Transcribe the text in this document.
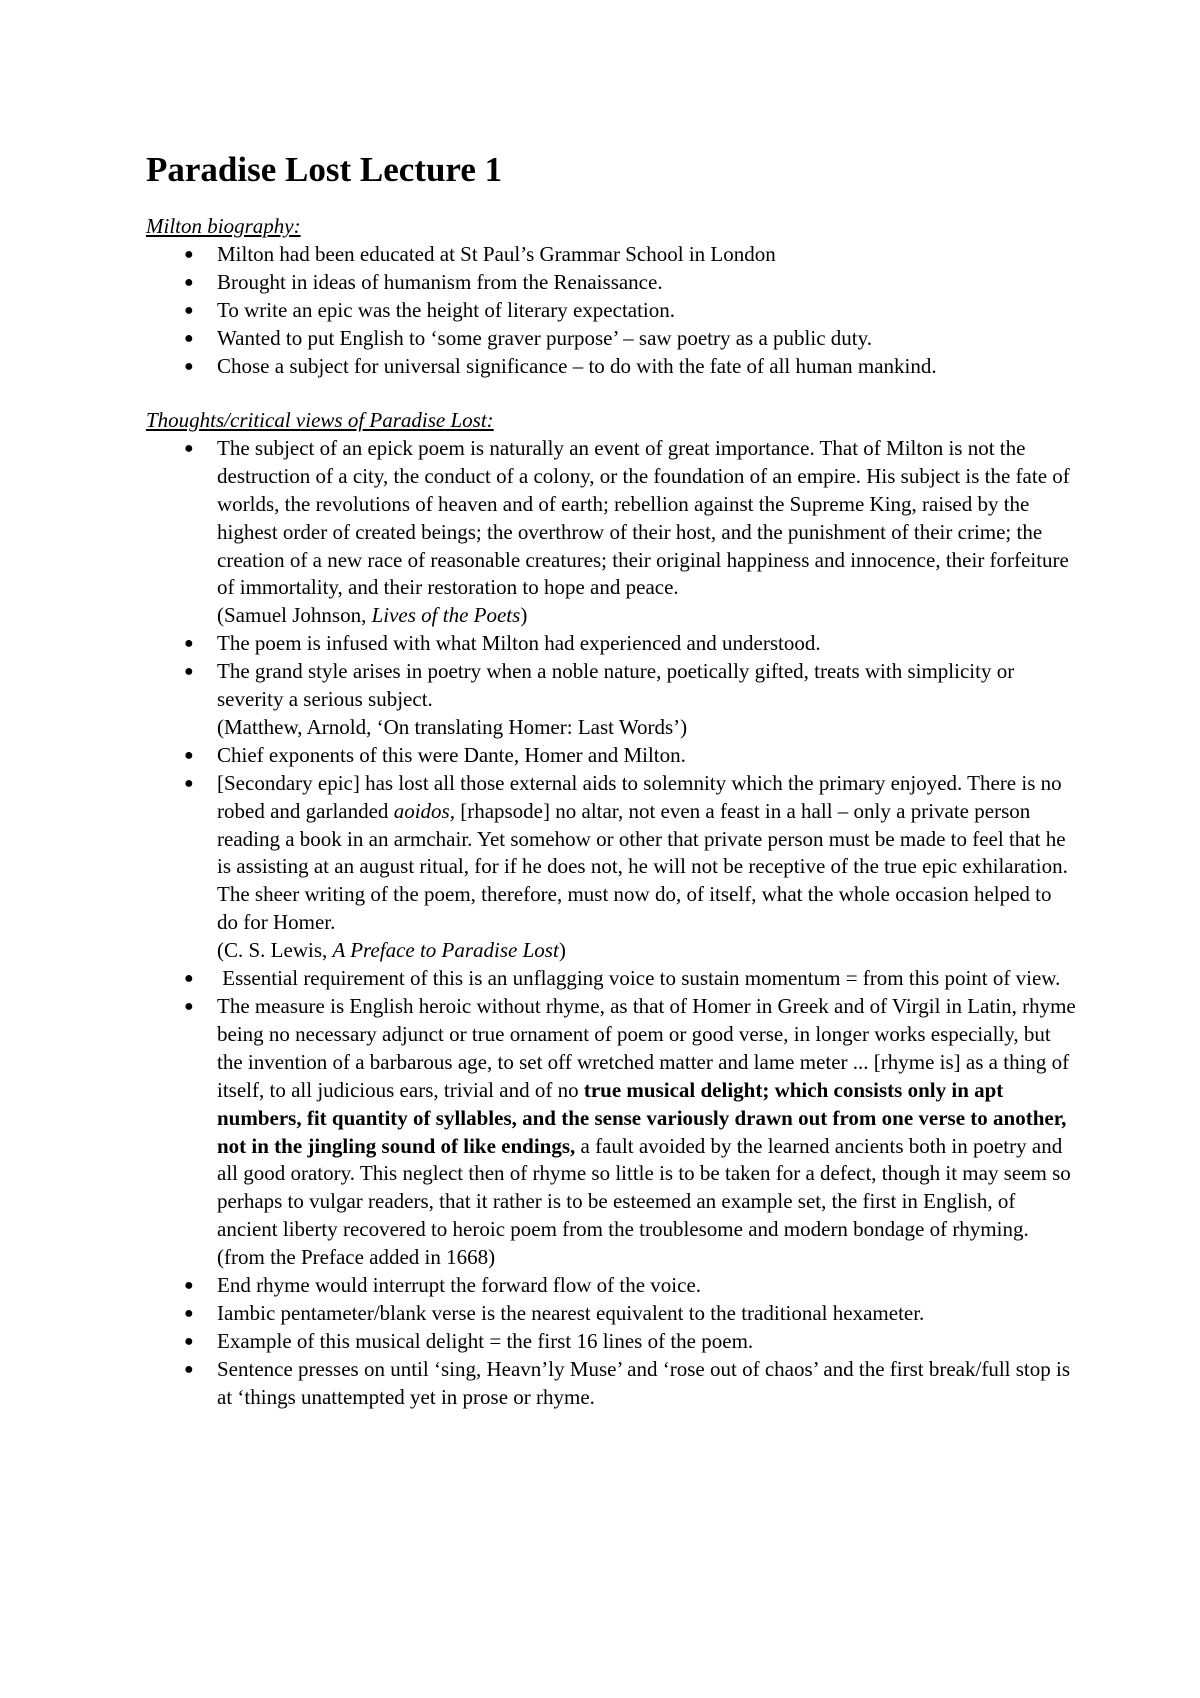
Paradise Lost Lecture 1
Milton biography:
● Milton had been educated at St Paul’s Grammar School in London
● Brought in ideas of humanism from the Renaissance.
● To write an epic was the height of literary expectation.
● Wanted to put English to ‘some graver purpose’ – saw poetry as a public duty.
● Chose a subject for universal significance – to do with the fate of all human mankind.
Thoughts/critical views of Paradise Lost:
● The subject of an epick poem is naturally an event of great importance. That of Milton is not the destruction of a city, the conduct of a colony, or the foundation of an empire. His subject is the fate of worlds, the revolutions of heaven and of earth; rebellion against the Supreme King, raised by the highest order of created beings; the overthrow of their host, and the punishment of their crime; the creation of a new race of reasonable creatures; their original happiness and innocence, their forfeiture of immortality, and their restoration to hope and peace.
(Samuel Johnson, Lives of the Poets)
● The poem is infused with what Milton had experienced and understood.
● The grand style arises in poetry when a noble nature, poetically gifted, treats with simplicity or severity a serious subject.
(Matthew, Arnold, ‘On translating Homer: Last Words’)
● Chief exponents of this were Dante, Homer and Milton.
● [Secondary epic] has lost all those external aids to solemnity which the primary enjoyed. There is no robed and garlanded aoidos, [rhapsode] no altar, not even a feast in a hall – only a private person reading a book in an armchair. Yet somehow or other that private person must be made to feel that he is assisting at an august ritual, for if he does not, he will not be receptive of the true epic exhilaration. The sheer writing of the poem, therefore, must now do, of itself, what the whole occasion helped to do for Homer.
(C. S. Lewis, A Preface to Paradise Lost)
● Essential requirement of this is an unflagging voice to sustain momentum = from this point of view.
● The measure is English heroic without rhyme, as that of Homer in Greek and of Virgil in Latin, rhyme being no necessary adjunct or true ornament of poem or good verse, in longer works especially, but the invention of a barbarous age, to set off wretched matter and lame meter ... [rhyme is] as a thing of itself, to all judicious ears, trivial and of no true musical delight; which consists only in apt numbers, fit quantity of syllables, and the sense variously drawn out from one verse to another, not in the jingling sound of like endings, a fault avoided by the learned ancients both in poetry and all good oratory. This neglect then of rhyme so little is to be taken for a defect, though it may seem so perhaps to vulgar readers, that it rather is to be esteemed an example set, the first in English, of ancient liberty recovered to heroic poem from the troublesome and modern bondage of rhyming.
(from the Preface added in 1668)
● End rhyme would interrupt the forward flow of the voice.
● Iambic pentameter/blank verse is the nearest equivalent to the traditional hexameter.
● Example of this musical delight = the first 16 lines of the poem.
● Sentence presses on until ‘sing, Heavn’ly Muse’ and ‘rose out of chaos’ and the first break/full stop is at ‘things unattempted yet in prose or rhyme.
